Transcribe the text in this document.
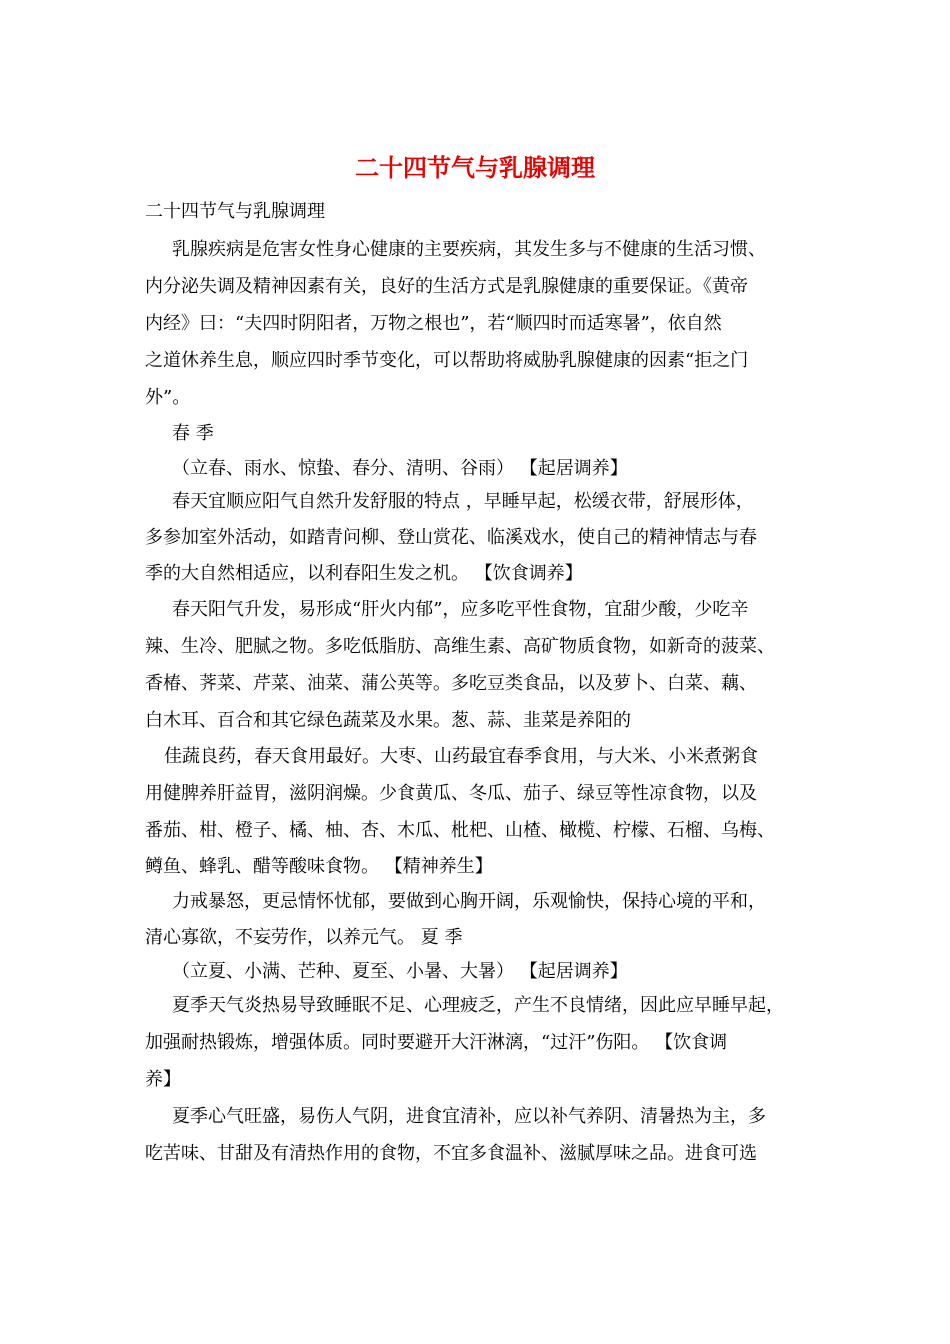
二十四节气与乳腺调理

二十四节气与乳腺调理

乳腺疾病是危害女性身心健康的主要疾病，其发生多与不健康的生活习惯、

内分泌失调及精神因素有关，良好的生活方式是乳腺健康的重要保证。《黄帝

内经》曰：“夫四时阴阳者，万物之根也”，若“顺四时而适寒暑”，依自然

之道休养生息，顺应四时季节变化，可以帮助将威胁乳腺健康的因素“拒之门

外”。

春 季

（立春、雨水、惊蛰、春分、清明、谷雨） 【起居调养】

春天宜顺应阳气自然升发舒服的特点 ，早睡早起，松缓衣带，舒展形体，

多参加室外活动，如踏青问柳、登山赏花、临溪戏水，使自己的精神情志与春

季的大自然相适应，以利春阳生发之机。 【饮食调养】

春天阳气升发，易形成“肝火内郁”，应多吃平性食物，宜甜少酸，少吃辛

辣、生冷、肥腻之物。多吃低脂肪、高维生素、高矿物质食物，如新奇的菠菜、

香椿、荠菜、芹菜、油菜、蒲公英等。多吃豆类食品，以及萝卜、白菜、藕、

白木耳、百合和其它绿色蔬菜及水果。葱、蒜、韭菜是养阳的

佳蔬良药，春天食用最好。大枣、山药最宜春季食用，与大米、小米煮粥食

用健脾养肝益胃，滋阴润燥。少食黄瓜、冬瓜、茄子、绿豆等性凉食物，以及

番茄、柑、橙子、橘、柚、杏、木瓜、枇杷、山楂、橄榄、柠檬、石榴、乌梅、

鳟鱼、蜂乳、醋等酸味食物。 【精神养生】

力戒暴怒，更忌情怀忧郁，要做到心胸开阔，乐观愉快，保持心境的平和，

清心寡欲，不妄劳作，以养元气。 夏 季

（立夏、小满、芒种、夏至、小暑、大暑） 【起居调养】

夏季天气炎热易导致睡眠不足、心理疲乏，产生不良情绪，因此应早睡早起，

加强耐热锻炼，增强体质。同时要避开大汗淋漓，“过汗”伤阳。 【饮食调

养】

夏季心气旺盛，易伤人气阴，进食宜清补，应以补气养阴、清暑热为主，多

吃苦味、甘甜及有清热作用的食物，不宜多食温补、滋腻厚味之品。进食可选
